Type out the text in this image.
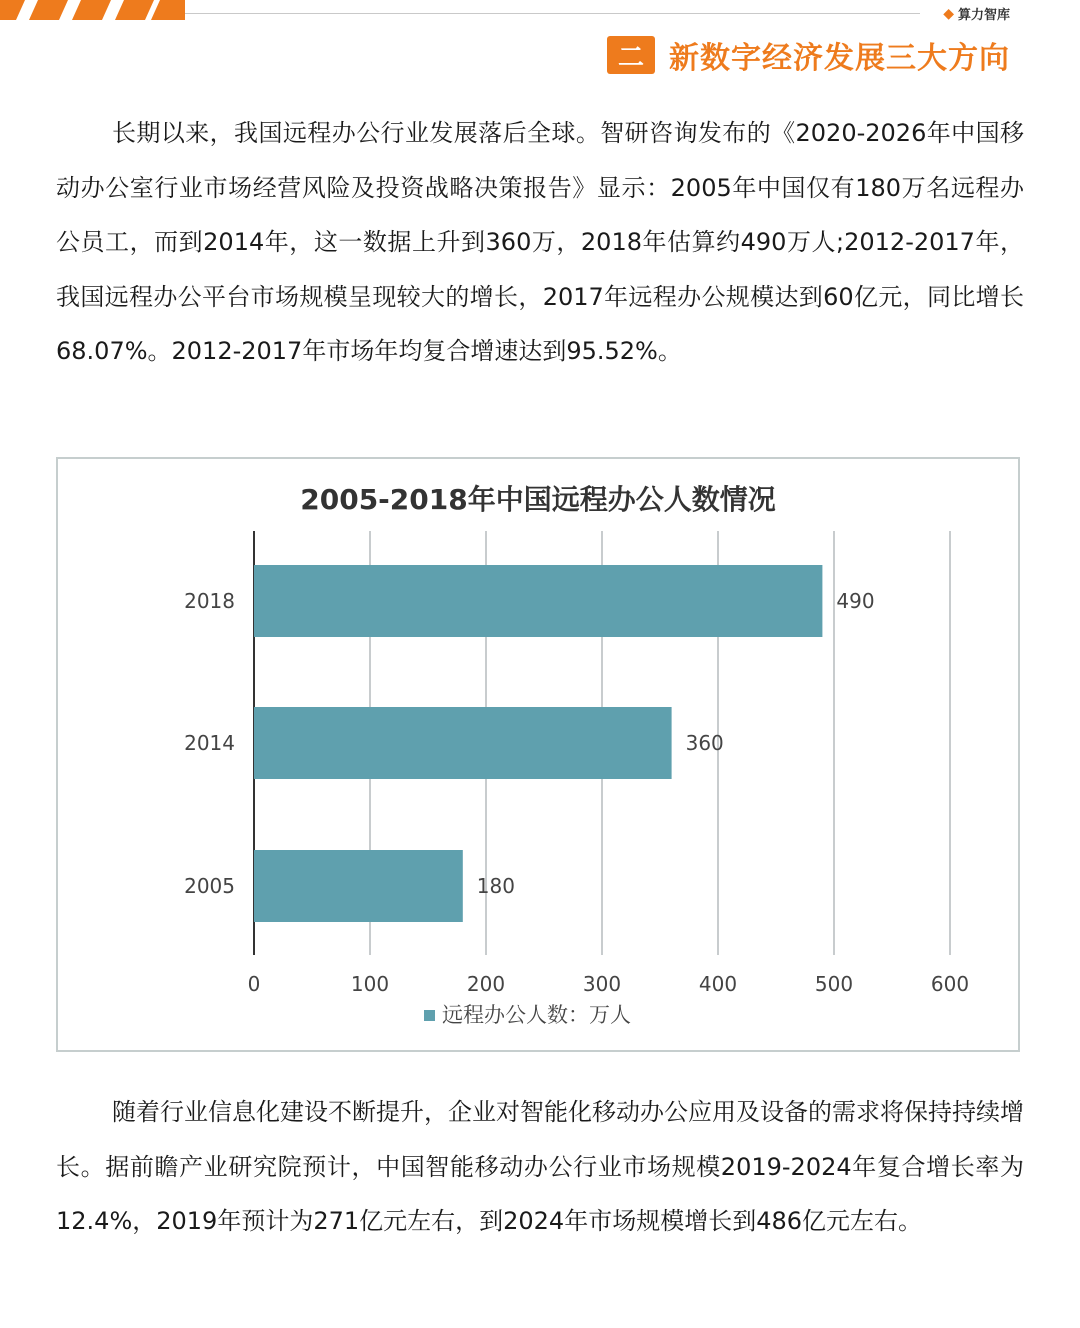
◆ 算力智库
二 新数字经济发展三大方向

长期以来，我国远程办公行业发展落后全球。智研咨询发布的《2020-2026年中国移动办公室行业市场经营风险及投资战略决策报告》显示：2005年中国仅有180万名远程办公员工，而到2014年，这一数据上升到360万，2018年估算约490万人;2012-2017年，我国远程办公平台市场规模呈现较大的增长，2017年远程办公规模达到60亿元，同比增长68.07%。2012-2017年市场年均复合增速达到95.52%。

2005-2018年中国远程办公人数情况
0	100	200	300	400	500	600
2018	490
2014	360
2005	180
远程办公人数：万人

随着行业信息化建设不断提升，企业对智能化移动办公应用及设备的需求将保持持续增长。据前瞻产业研究院预计，中国智能移动办公行业市场规模2019-2024年复合增长率为12.4%，2019年预计为271亿元左右，到2024年市场规模增长到486亿元左右。
